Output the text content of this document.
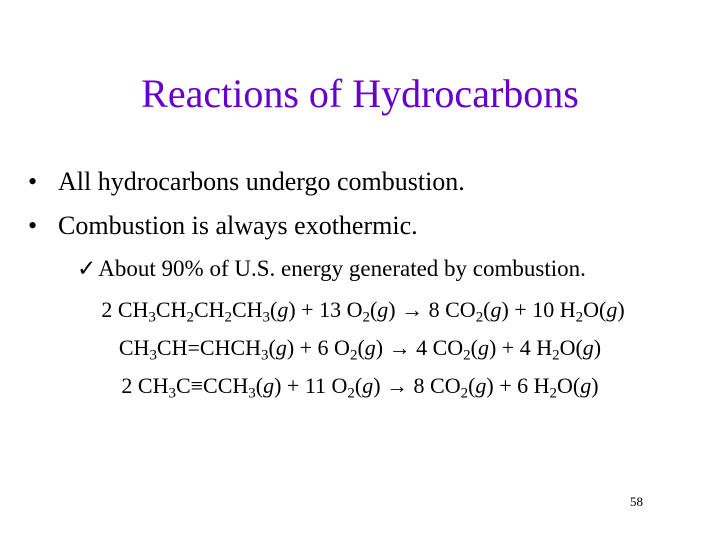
Reactions of Hydrocarbons
• All hydrocarbons undergo combustion.
• Combustion is always exothermic.
✓About 90% of U.S. energy generated by combustion.
2 $CH_3CH_2CH_2CH_3(g) + 13$ $O_2(g) \to 8$ $CO_2(g) + 10$ $H_2O(g)$
$CH_3CH=CHCH_3(g) + 6$ $O_2(g) \to 4$ $CO_2(g) + 4$ $H_2O(g)$
2 $CH_3C\equiv CCH_3(g) + 11$ $O_2(g) \to 8$ $CO_2(g) + 6$ $H_2O(g)$
58
